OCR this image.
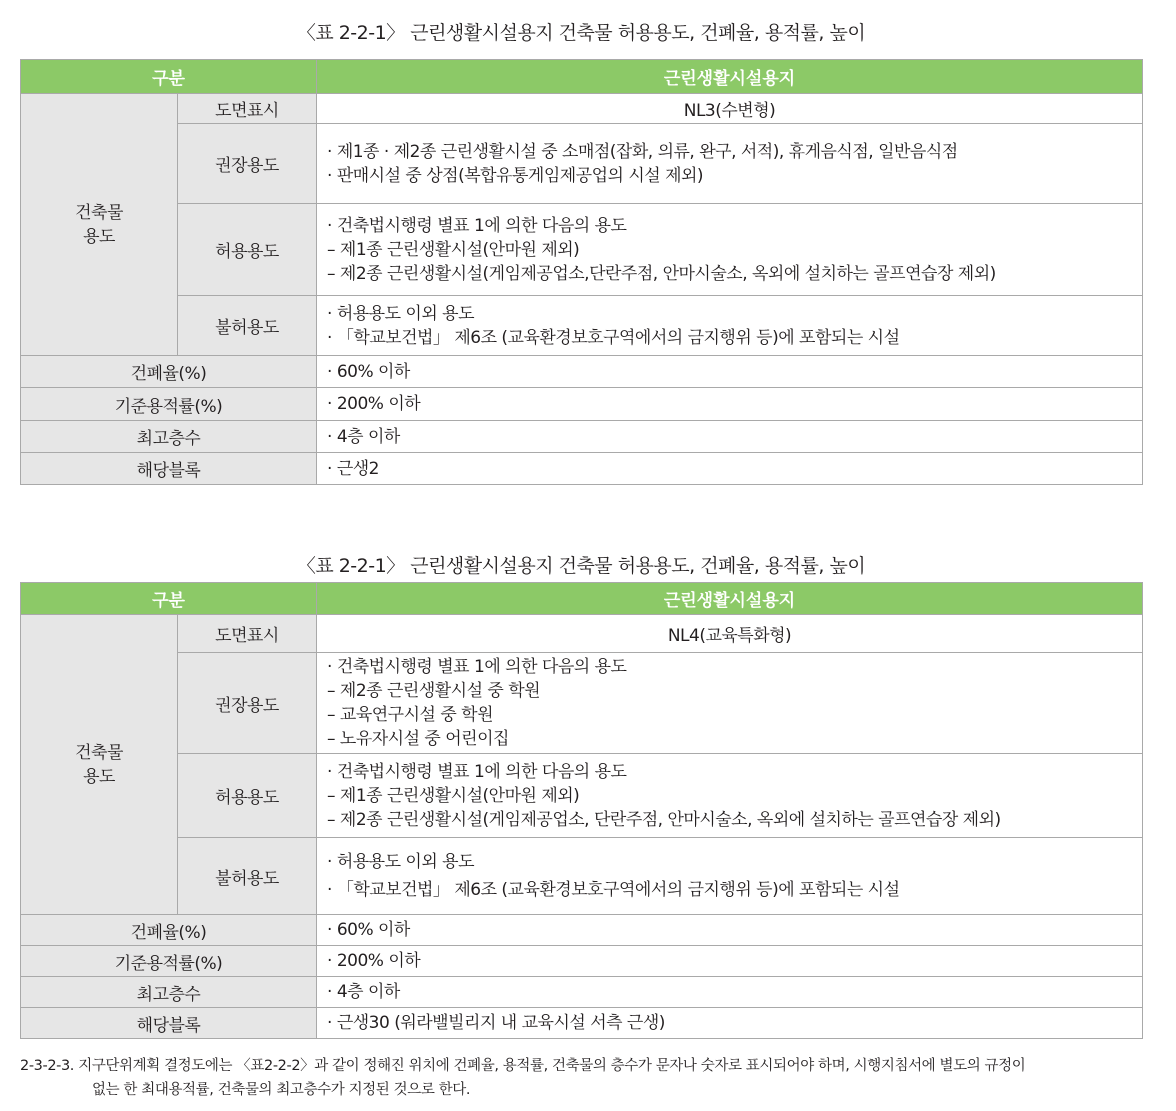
〈표 2-2-1〉 근린생활시설용지 건축물 허용용도, 건폐율, 용적률, 높이
구분		근린생활시설용지

건축물
용도	도면표시	NL3(수변형)
	권장용도	· 제1종 · 제2종 근린생활시설 중 소매점(잡화, 의류, 완구, 서적), 휴게음식점, 일반음식점
· 판매시설 중 상점(복합유통게임제공업의 시설 제외)

	허용용도	· 건축법시행령 별표 1에 의한 다음의 용도
– 제1종 근린생활시설(안마원 제외)
– 제2종 근린생활시설(게임제공업소,단란주점, 안마시술소, 옥외에 설치하는 골프연습장 제외)

	불허용도	· 허용용도 이외 용도
· 「학교보건법」 제6조 (교육환경보호구역에서의 금지행위 등)에 포함되는 시설

건폐율(%)		· 60% 이하
기준용적률(%)		· 200% 이하
최고층수		· 4층 이하
해당블록		· 근생2
〈표 2-2-1〉 근린생활시설용지 건축물 허용용도, 건폐율, 용적률, 높이
구분		근린생활시설용지

건축물
용도	도면표시	NL4(교육특화형)
	권장용도	· 건축법시행령 별표 1에 의한 다음의 용도
– 제2종 근린생활시설 중 학원
– 교육연구시설 중 학원
– 노유자시설 중 어린이집

	허용용도	· 건축법시행령 별표 1에 의한 다음의 용도
– 제1종 근린생활시설(안마원 제외)
– 제2종 근린생활시설(게임제공업소, 단란주점, 안마시술소, 옥외에 설치하는 골프연습장 제외)

	불허용도	· 허용용도 이외 용도
· 「학교보건법」 제6조 (교육환경보호구역에서의 금지행위 등)에 포함되는 시설

건폐율(%)		· 60% 이하
기준용적률(%)		· 200% 이하
최고층수		· 4층 이하
해당블록		· 근생30 (워라밸빌리지 내 교육시설 서측 근생)
2-3-2-3. 지구단위계획 결정도에는 〈표2-2-2〉과 같이 정해진 위치에 건폐율, 용적률, 건축물의 층수가 문자나 숫자로 표시되어야 하며, 시행지침서에 별도의 규정이
없는 한 최대용적률, 건축물의 최고층수가 지정된 것으로 한다.
